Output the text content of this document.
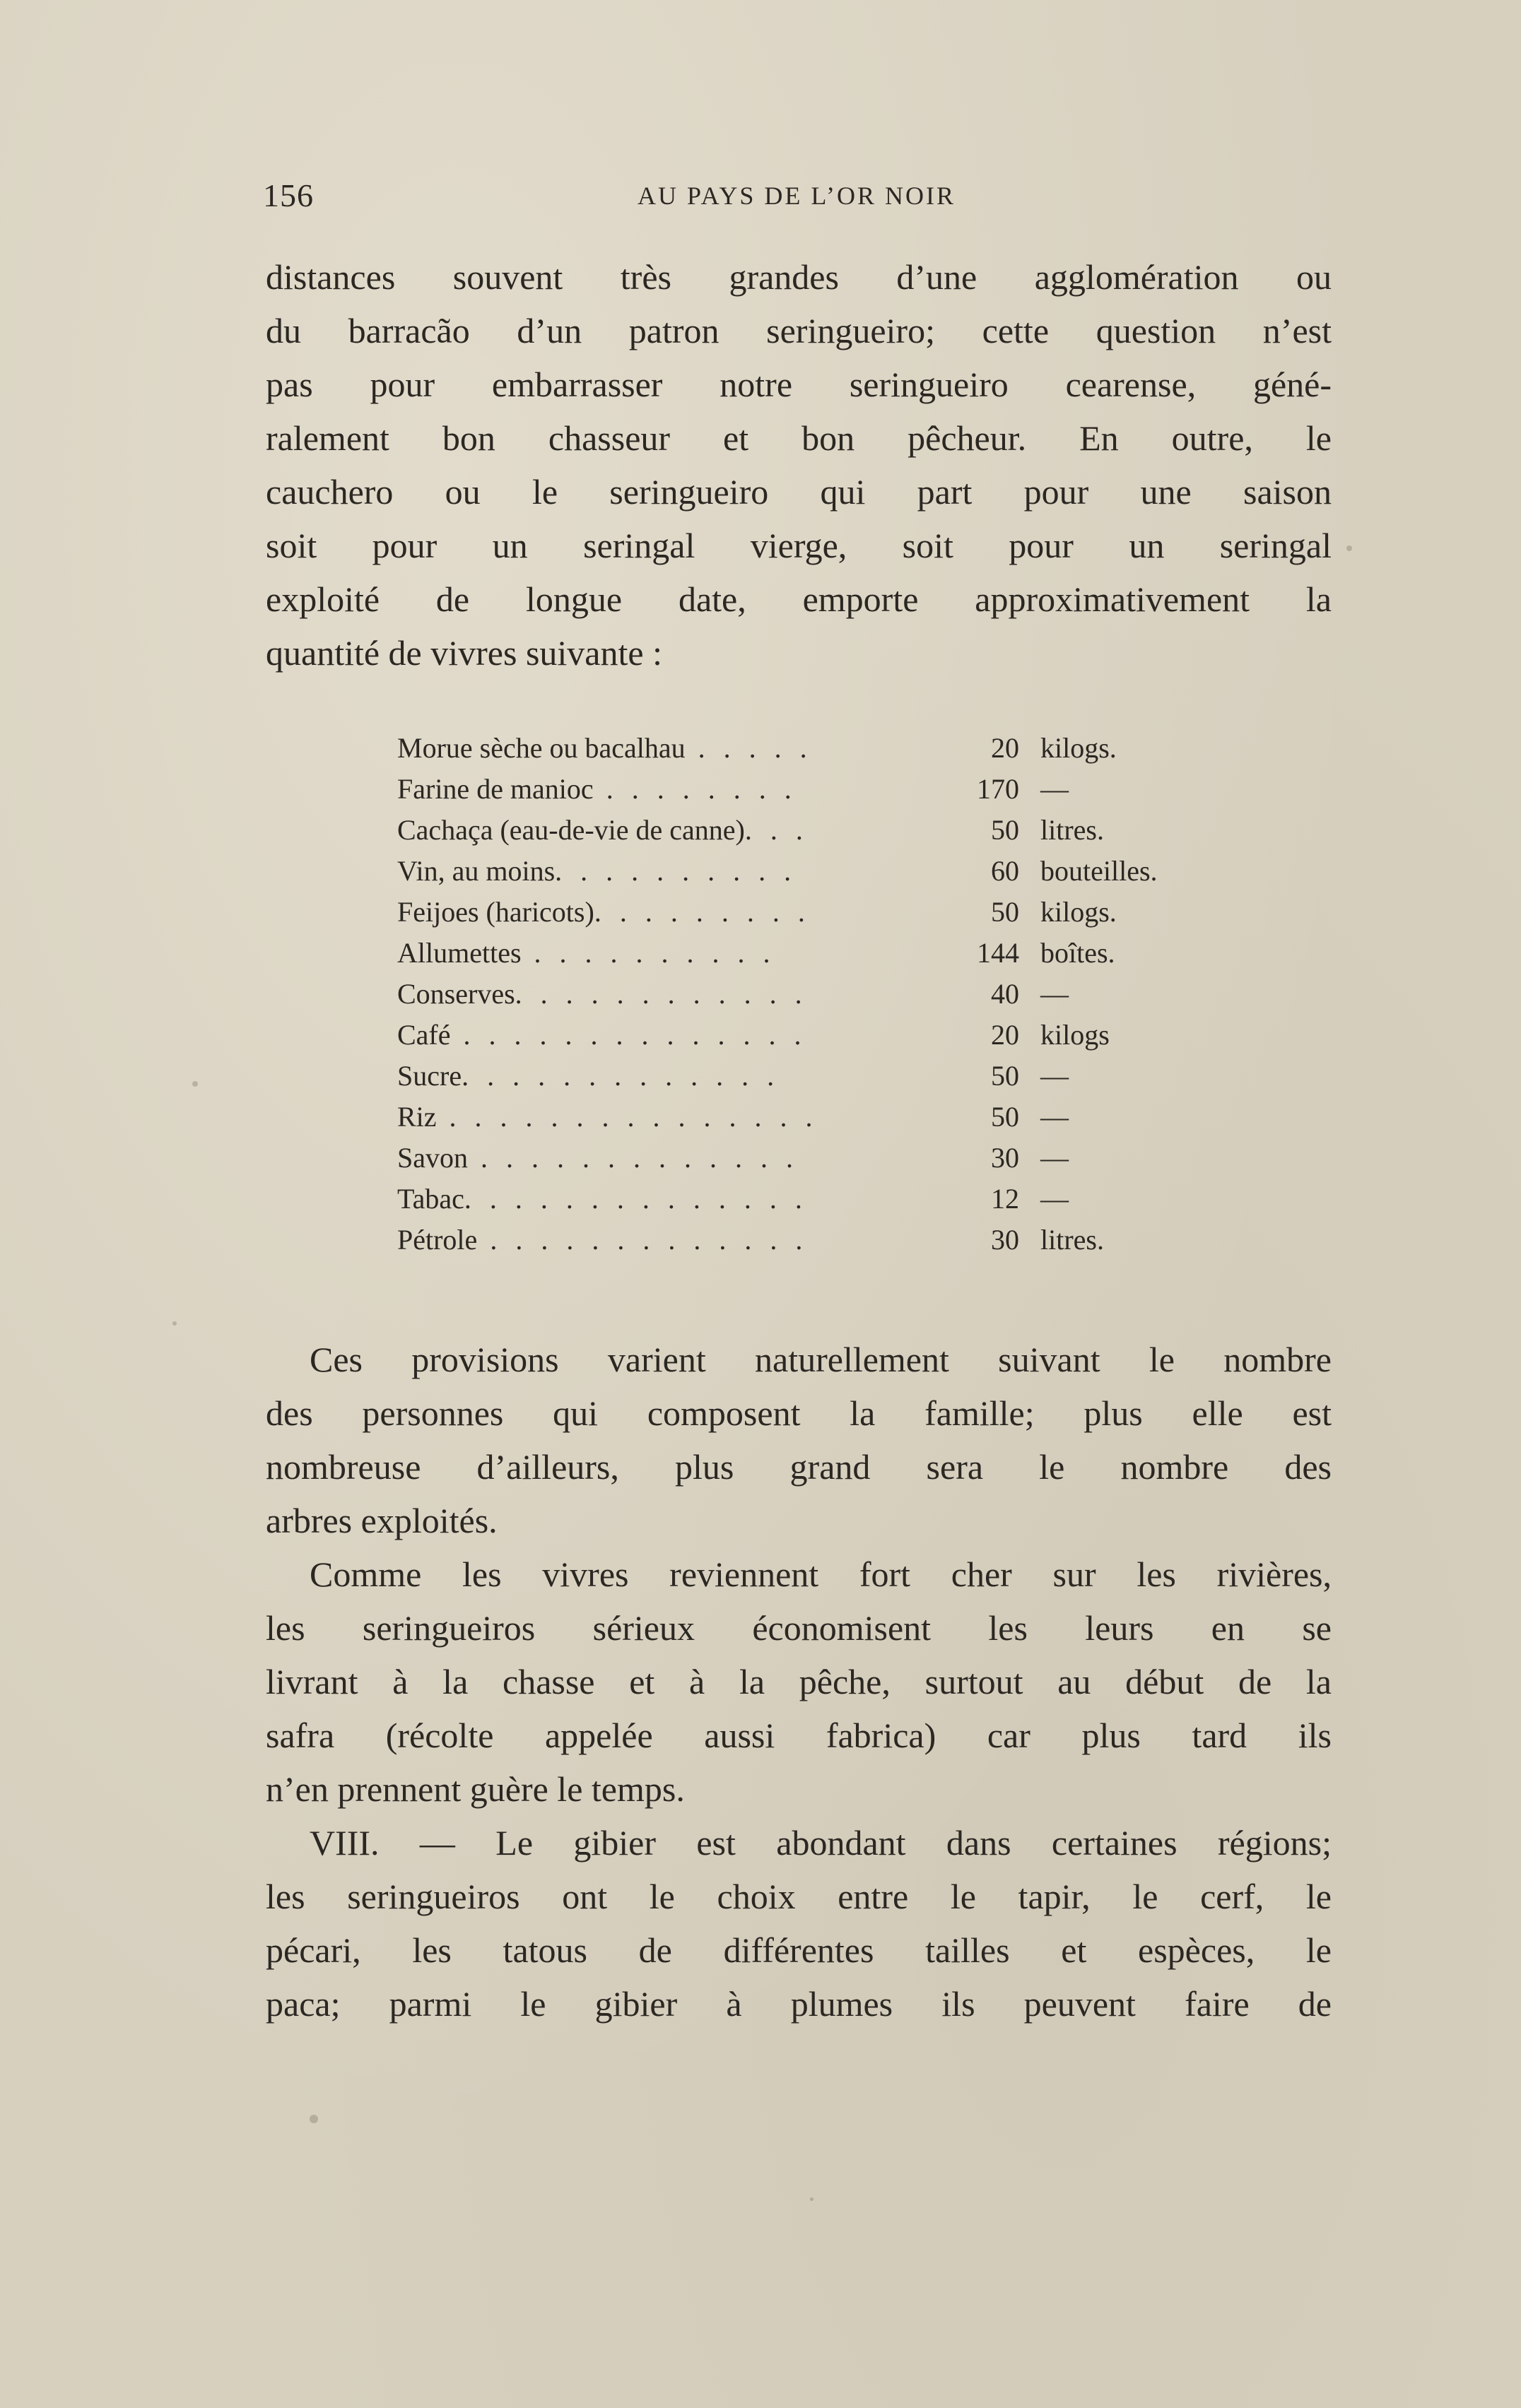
156	AU PAYS DE L’OR NOIR
distances souvent très grandes d’une agglomération ou
du barracão d’un patron seringueiro; cette question n’est
pas pour embarrasser notre seringueiro cearense, géné-
ralement bon chasseur et bon pêcheur. En outre, le
cauchero ou le seringueiro qui part pour une saison
soit pour un seringal vierge, soit pour un seringal
exploité de longue date, emporte approximativement la
quantité de vivres suivante :
Morue sèche ou bacalhau . . . . .	20 kilogs.
Farine de manioc . . . . . . . .	170 —
Cachaça (eau-de-vie de canne). . .	50 litres.
Vin, au moins. . . . . . . . . .	60 bouteilles.
Feijoes (haricots). . . . . . . . .	50 kilogs.
Allumettes . . . . . . . . . .	144 boîtes.
Conserves. . . . . . . . . . . .	40 —
Café . . . . . . . . . . . . . .	20 kilogs
Sucre. . . . . . . . . . . . .	50 —
Riz . . . . . . . . . . . . . . .	50 —
Savon . . . . . . . . . . . . .	30 —
Tabac. . . . . . . . . . . . . .	12 —
Pétrole . . . . . . . . . . . . .	30 litres.
Ces provisions varient naturellement suivant le nombre
des personnes qui composent la famille; plus elle est
nombreuse d’ailleurs, plus grand sera le nombre des
arbres exploités.
Comme les vivres reviennent fort cher sur les rivières,
les seringueiros sérieux économisent les leurs en se
livrant à la chasse et à la pêche, surtout au début de la
safra (récolte appelée aussi fabrica) car plus tard ils
n’en prennent guère le temps.
VIII. — Le gibier est abondant dans certaines régions;
les seringueiros ont le choix entre le tapir, le cerf, le
pécari, les tatous de différentes tailles et espèces, le
paca; parmi le gibier à plumes ils peuvent faire de
